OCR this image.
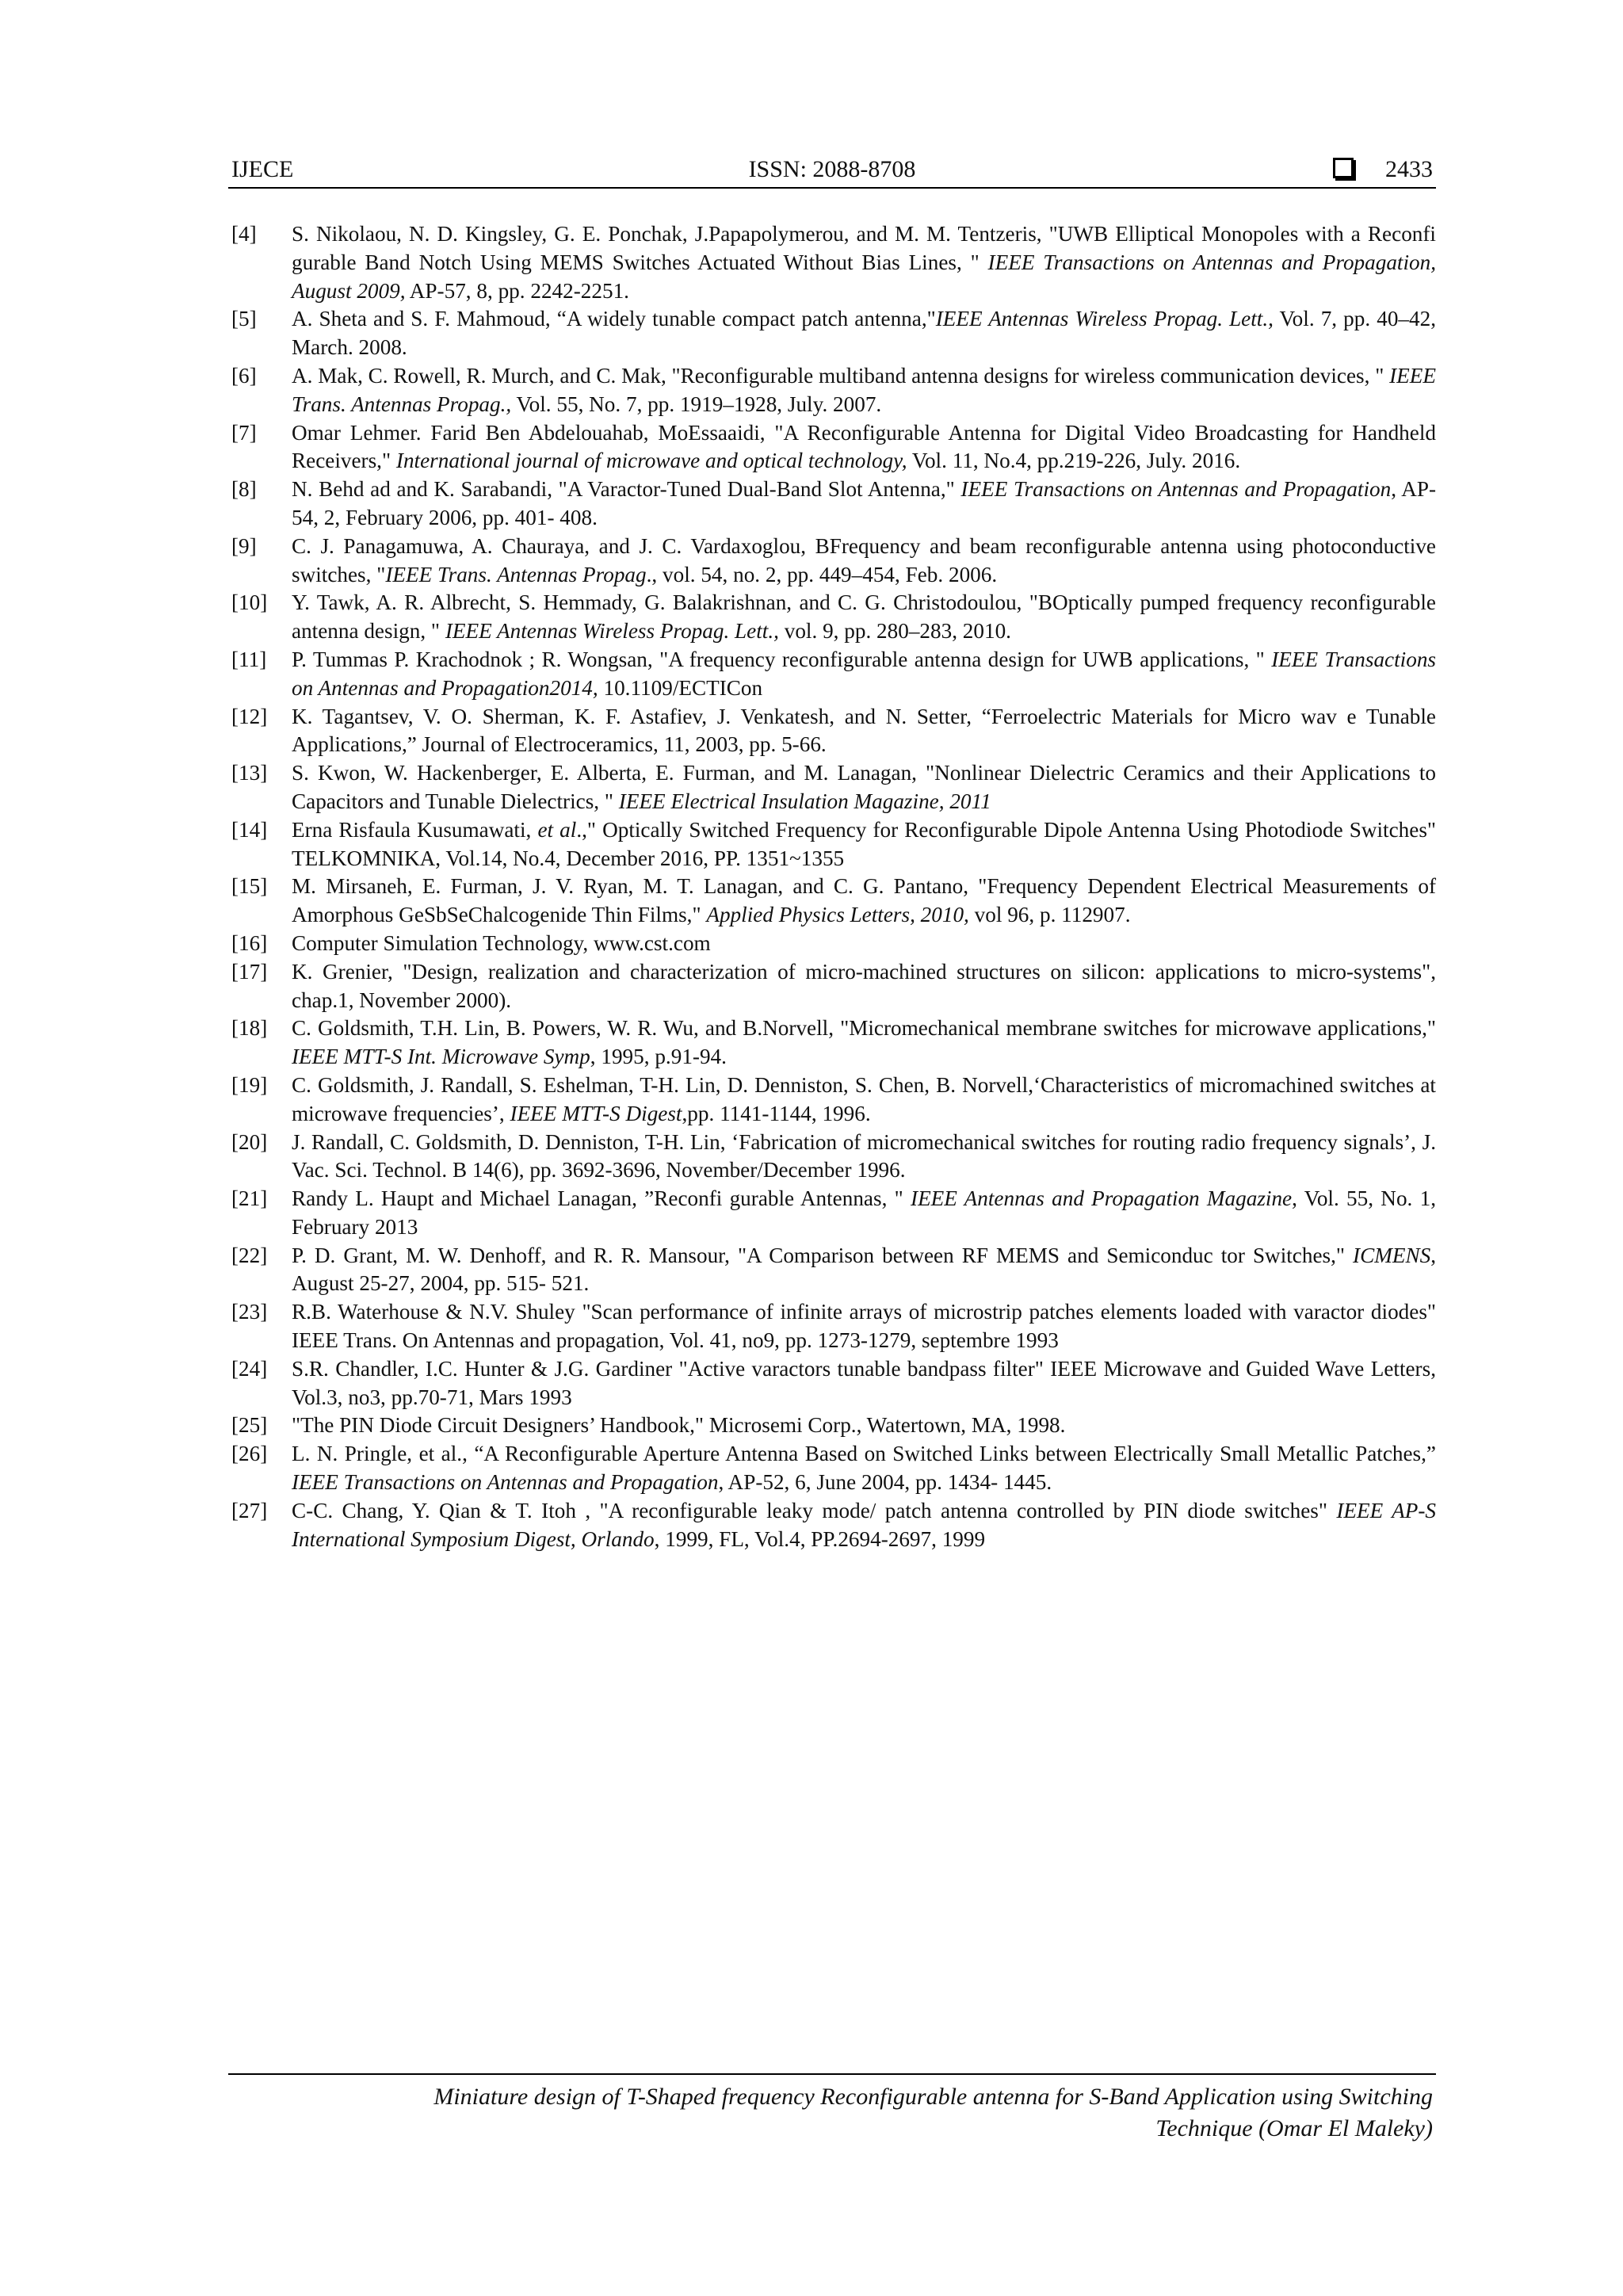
IJECE	ISSN: 2088-8708	2433
[4] S. Nikolaou, N. D. Kingsley, G. E. Ponchak, J.Papapolymerou, and M. M. Tentzeris, "UWB Elliptical Monopoles with a Reconfi gurable Band Notch Using MEMS Switches Actuated Without Bias Lines, " IEEE Transactions on Antennas and Propagation, August 2009, AP-57, 8, pp. 2242-2251.
[5] A. Sheta and S. F. Mahmoud, “A widely tunable compact patch antenna,"IEEE Antennas Wireless Propag. Lett., Vol. 7, pp. 40–42, March. 2008.
[6] A. Mak, C. Rowell, R. Murch, and C. Mak, "Reconfigurable multiband antenna designs for wireless communication devices, " IEEE Trans. Antennas Propag., Vol. 55, No. 7, pp. 1919–1928, July. 2007.
[7] Omar Lehmer. Farid Ben Abdelouahab, MoEssaaidi, "A Reconfigurable Antenna for Digital Video Broadcasting for Handheld Receivers," International journal of microwave and optical technology, Vol. 11, No.4, pp.219-226, July. 2016.
[8] N. Behd ad and K. Sarabandi, "A Varactor-Tuned Dual-Band Slot Antenna," IEEE Transactions on Antennas and Propagation, AP-54, 2, February 2006, pp. 401- 408.
[9] C. J. Panagamuwa, A. Chauraya, and J. C. Vardaxoglou, BFrequency and beam reconfigurable antenna using photoconductive switches, "IEEE Trans. Antennas Propag., vol. 54, no. 2, pp. 449–454, Feb. 2006.
[10] Y. Tawk, A. R. Albrecht, S. Hemmady, G. Balakrishnan, and C. G. Christodoulou, "BOptically pumped frequency reconfigurable antenna design, " IEEE Antennas Wireless Propag. Lett., vol. 9, pp. 280–283, 2010.
[11] P. Tummas P. Krachodnok ; R. Wongsan, "A frequency reconfigurable antenna design for UWB applications, " IEEE Transactions on Antennas and Propagation2014, 10.1109/ECTICon
[12] K. Tagantsev, V. O. Sherman, K. F. Astafiev, J. Venkatesh, and N. Setter, “Ferroelectric Materials for Micro wav e Tunable Applications,” Journal of Electroceramics, 11, 2003, pp. 5-66.
[13] S. Kwon, W. Hackenberger, E. Alberta, E. Furman, and M. Lanagan, "Nonlinear Dielectric Ceramics and their Applications to Capacitors and Tunable Dielectrics, " IEEE Electrical Insulation Magazine, 2011
[14] Erna Risfaula Kusumawati, et al.," Optically Switched Frequency for Reconfigurable Dipole Antenna Using Photodiode Switches" TELKOMNIKA, Vol.14, No.4, December 2016, PP. 1351~1355
[15] M. Mirsaneh, E. Furman, J. V. Ryan, M. T. Lanagan, and C. G. Pantano, "Frequency Dependent Electrical Measurements of Amorphous GeSbSeChalcogenide Thin Films," Applied Physics Letters, 2010, vol 96, p. 112907.
[16] Computer Simulation Technology, www.cst.com
[17] K. Grenier, "Design, realization and characterization of micro-machined structures on silicon: applications to micro-systems", chap.1, November 2000).
[18] C. Goldsmith, T.H. Lin, B. Powers, W. R. Wu, and B.Norvell, "Micromechanical membrane switches for microwave applications," IEEE MTT-S Int. Microwave Symp, 1995, p.91-94.
[19] C. Goldsmith, J. Randall, S. Eshelman, T-H. Lin, D. Denniston, S. Chen, B. Norvell,‘Characteristics of micromachined switches at microwave frequencies’, IEEE MTT-S Digest,pp. 1141-1144, 1996.
[20] J. Randall, C. Goldsmith, D. Denniston, T-H. Lin, ‘Fabrication of micromechanical switches for routing radio frequency signals’, J. Vac. Sci. Technol. B 14(6), pp. 3692-3696, November/December 1996.
[21] Randy L. Haupt and Michael Lanagan, ”Reconfi gurable Antennas, " IEEE Antennas and Propagation Magazine, Vol. 55, No. 1, February 2013
[22] P. D. Grant, M. W. Denhoff, and R. R. Mansour, "A Comparison between RF MEMS and Semiconduc tor Switches," ICMENS, August 25-27, 2004, pp. 515- 521.
[23] R.B. Waterhouse & N.V. Shuley "Scan performance of infinite arrays of microstrip patches elements loaded with varactor diodes" IEEE Trans. On Antennas and propagation, Vol. 41, no9, pp. 1273-1279, septembre 1993
[24] S.R. Chandler, I.C. Hunter & J.G. Gardiner "Active varactors tunable bandpass filter" IEEE Microwave and Guided Wave Letters, Vol.3, no3, pp.70-71, Mars 1993
[25] "The PIN Diode Circuit Designers’ Handbook," Microsemi Corp., Watertown, MA, 1998.
[26] L. N. Pringle, et al., “A Reconfigurable Aperture Antenna Based on Switched Links between Electrically Small Metallic Patches,” IEEE Transactions on Antennas and Propagation, AP-52, 6, June 2004, pp. 1434- 1445.
[27] C-C. Chang, Y. Qian & T. Itoh , "A reconfigurable leaky mode/ patch antenna controlled by PIN diode switches" IEEE AP-S International Symposium Digest, Orlando, 1999, FL, Vol.4, PP.2694-2697, 1999
Miniature design of T-Shaped frequency Reconfigurable antenna for S-Band Application using Switching
Technique (Omar El Maleky)
